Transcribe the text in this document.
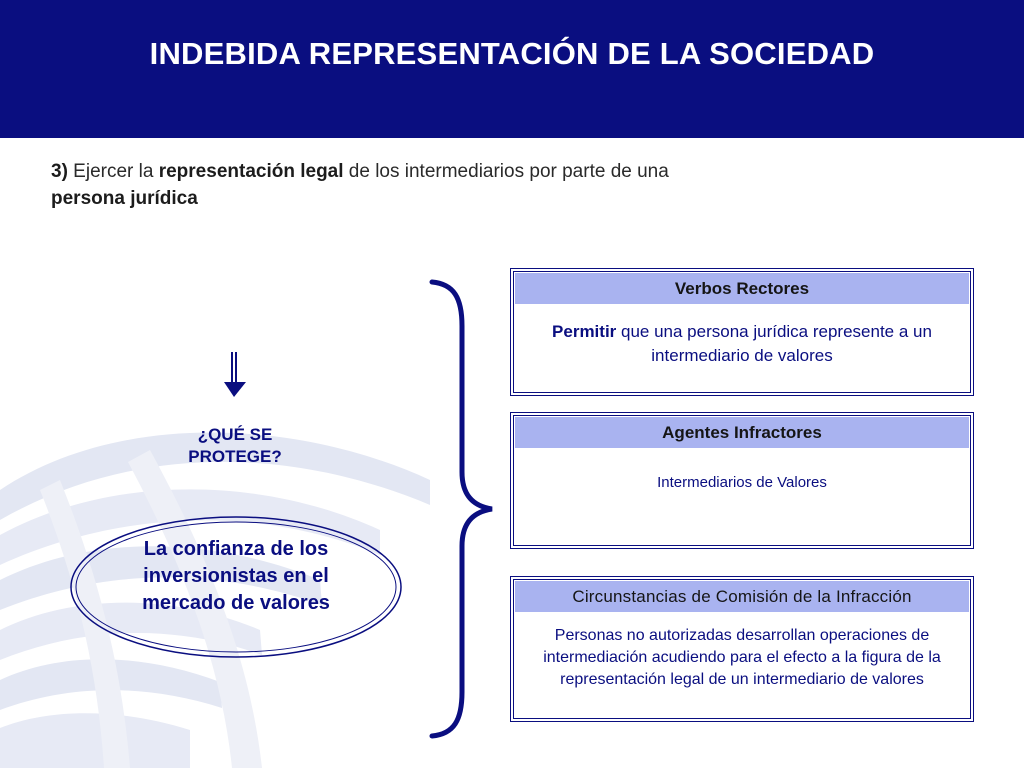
INDEBIDA REPRESENTACIÓN DE LA SOCIEDAD
3) Ejercer la representación legal de los intermediarios por parte de una persona jurídica
¿QUÉ SE PROTEGE?
La confianza de los inversionistas en el mercado de valores
Verbos Rectores
Permitir que una persona jurídica represente a un intermediario de valores
Agentes Infractores
Intermediarios de Valores
Circunstancias de Comisión de la Infracción
Personas no autorizadas desarrollan operaciones de intermediación acudiendo para el efecto a la figura de la representación legal de un intermediario de valores
